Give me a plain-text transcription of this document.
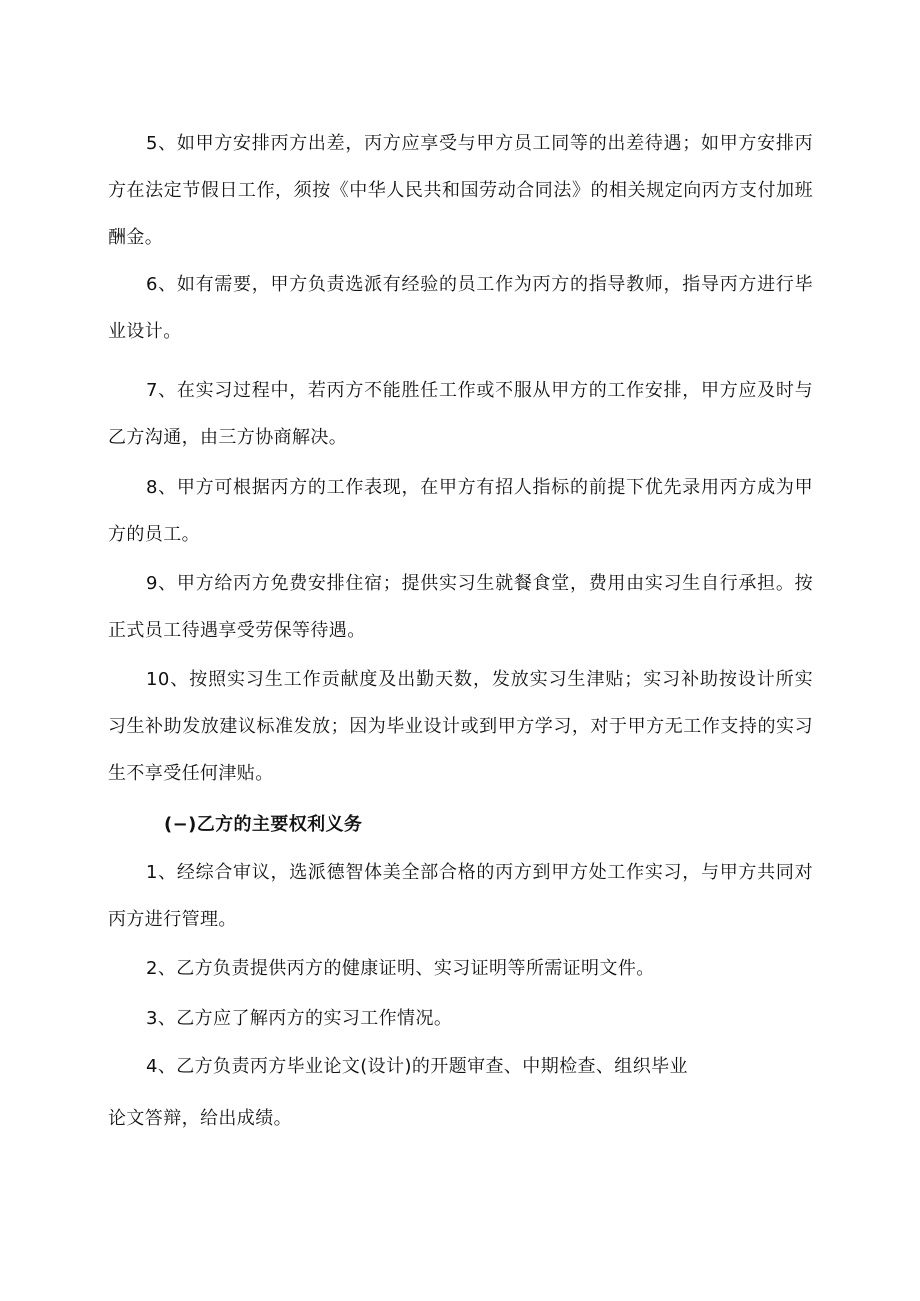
5、如甲方安排丙方出差，丙方应享受与甲方员工同等的出差待遇；如甲方安排丙方在法定节假日工作，须按《中华人民共和国劳动合同法》的相关规定向丙方支付加班酬金。

6、如有需要，甲方负责选派有经验的员工作为丙方的指导教师，指导丙方进行毕业设计。

7、在实习过程中，若丙方不能胜任工作或不服从甲方的工作安排，甲方应及时与乙方沟通，由三方协商解决。

8、甲方可根据丙方的工作表现，在甲方有招人指标的前提下优先录用丙方成为甲方的员工。

9、甲方给丙方免费安排住宿；提供实习生就餐食堂，费用由实习生自行承担。按正式员工待遇享受劳保等待遇。

10、按照实习生工作贡献度及出勤天数，发放实习生津贴；实习补助按设计所实习生补助发放建议标准发放；因为毕业设计或到甲方学习，对于甲方无工作支持的实习生不享受任何津贴。

(−)乙方的主要权利义务

1、经综合审议，选派德智体美全部合格的丙方到甲方处工作实习，与甲方共同对丙方进行管理。

2、乙方负责提供丙方的健康证明、实习证明等所需证明文件。

3、乙方应了解丙方的实习工作情况。

4、乙方负责丙方毕业论文(设计)的开题审查、中期检查、组织毕业

论文答辩，给出成绩。
